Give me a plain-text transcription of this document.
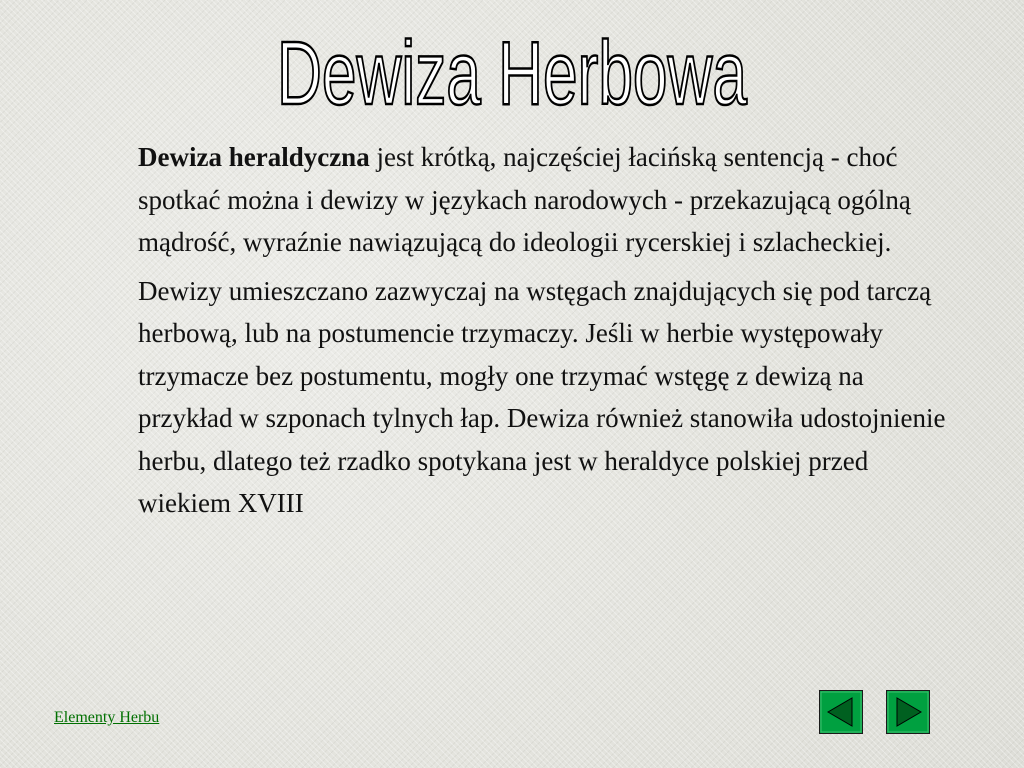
Dewiza Herbowa

Dewiza heraldyczna jest krótką, najczęściej łacińską sentencją - choć spotkać można i dewizy w językach narodowych - przekazującą ogólną mądrość, wyraźnie nawiązującą do ideologii rycerskiej i szlacheckiej.

Dewizy umieszczano zazwyczaj na wstęgach znajdujących się pod tarczą herbową, lub na postumencie trzymaczy. Jeśli w herbie występowały trzymacze bez postumentu, mogły one trzymać wstęgę z dewizą na przykład w szponach tylnych łap. Dewiza również stanowiła udostojnienie herbu, dlatego też rzadko spotykana jest w heraldyce polskiej przed wiekiem XVIII

Elementy Herbu
